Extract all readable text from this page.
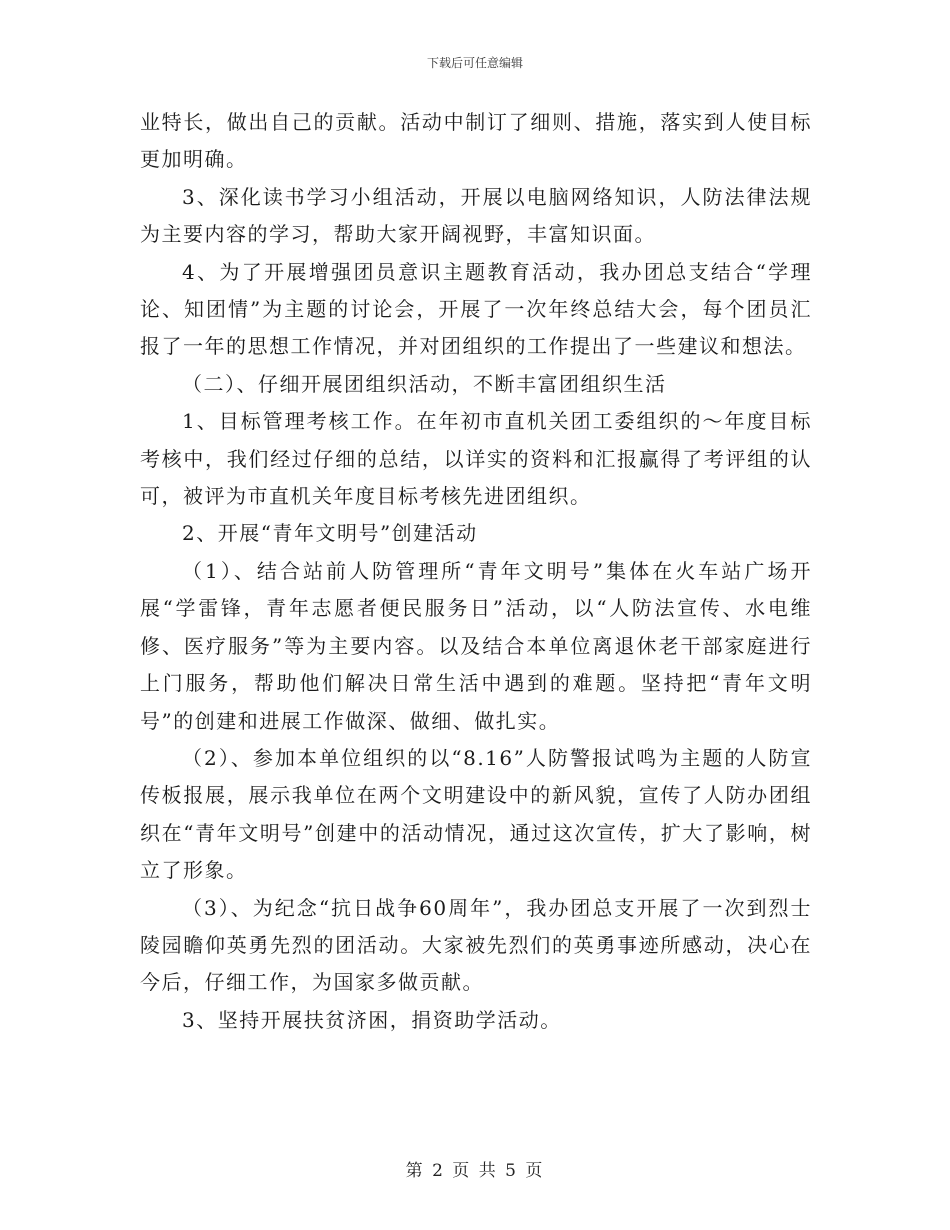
下载后可任意编辑

业特长，做出自己的贡献。活动中制订了细则、措施，落实到人使目标更加明确。

3、深化读书学习小组活动，开展以电脑网络知识，人防法律法规为主要内容的学习，帮助大家开阔视野，丰富知识面。

4、为了开展增强团员意识主题教育活动，我办团总支结合“学理论、知团情”为主题的讨论会，开展了一次年终总结大会，每个团员汇报了一年的思想工作情况，并对团组织的工作提出了一些建议和想法。

（二）、仔细开展团组织活动，不断丰富团组织生活

1、目标管理考核工作。在年初市直机关团工委组织的～年度目标考核中，我们经过仔细的总结，以详实的资料和汇报赢得了考评组的认可，被评为市直机关年度目标考核先进团组织。

2、开展“青年文明号”创建活动

（1）、结合站前人防管理所“青年文明号”集体在火车站广场开展“学雷锋，青年志愿者便民服务日”活动，以“人防法宣传、水电维修、医疗服务”等为主要内容。以及结合本单位离退休老干部家庭进行上门服务，帮助他们解决日常生活中遇到的难题。坚持把“青年文明号”的创建和进展工作做深、做细、做扎实。

（2）、参加本单位组织的以“8.16”人防警报试鸣为主题的人防宣传板报展，展示我单位在两个文明建设中的新风貌，宣传了人防办团组织在“青年文明号”创建中的活动情况，通过这次宣传，扩大了影响，树立了形象。

（3）、为纪念“抗日战争60周年”，我办团总支开展了一次到烈士陵园瞻仰英勇先烈的团活动。大家被先烈们的英勇事迹所感动，决心在今后，仔细工作，为国家多做贡献。

3、坚持开展扶贫济困，捐资助学活动。

第 2 页 共 5 页
